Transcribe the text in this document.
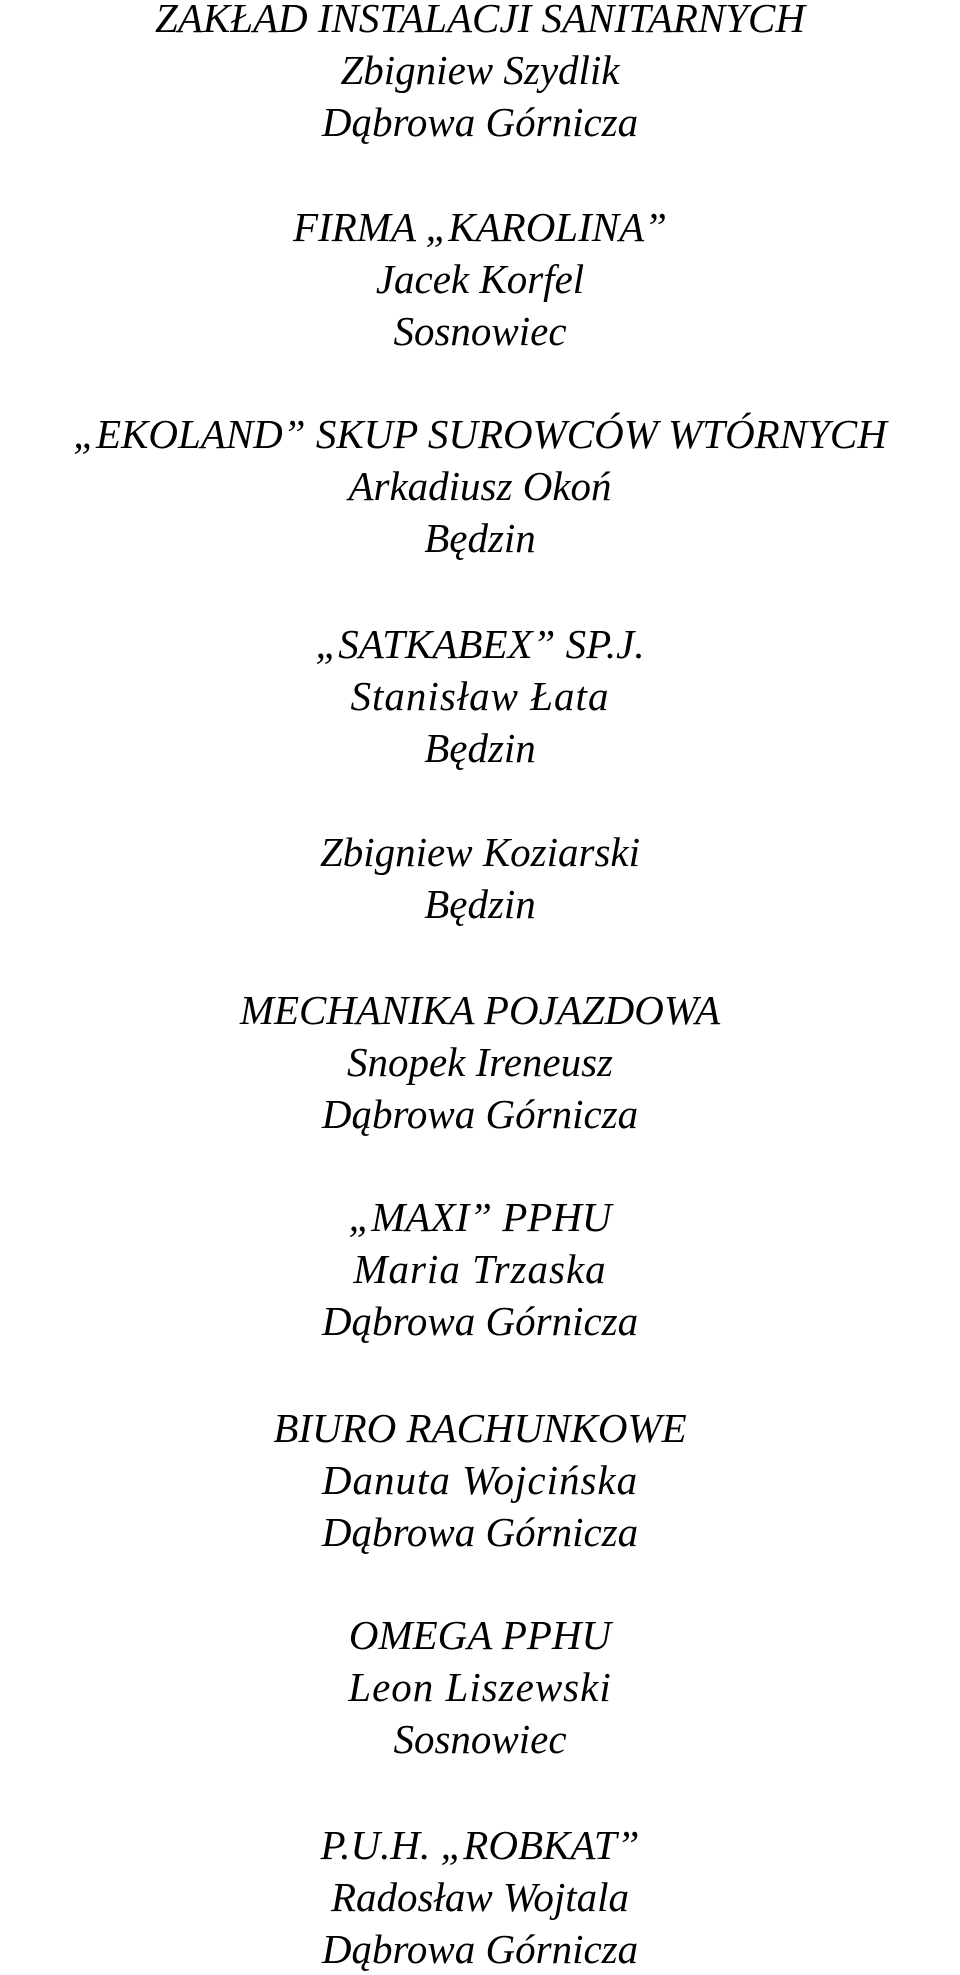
ZAKŁAD INSTALACJI SANITARNYCH
Zbigniew Szydlik
Dąbrowa Górnicza
FIRMA „KAROLINA”
Jacek Korfel
Sosnowiec
„EKOLAND” SKUP SUROWCÓW WTÓRNYCH
Arkadiusz Okoń
Będzin
„SATKABEX” SP.J.
Stanisław Łata
Będzin
Zbigniew Koziarski
Będzin
MECHANIKA POJAZDOWA
Snopek Ireneusz
Dąbrowa Górnicza
„MAXI” PPHU
Maria Trzaska
Dąbrowa Górnicza
BIURO RACHUNKOWE
Danuta Wojcińska
Dąbrowa Górnicza
OMEGA PPHU
Leon Liszewski
Sosnowiec
P.U.H. „ROBKAT”
Radosław Wojtala
Dąbrowa Górnicza
